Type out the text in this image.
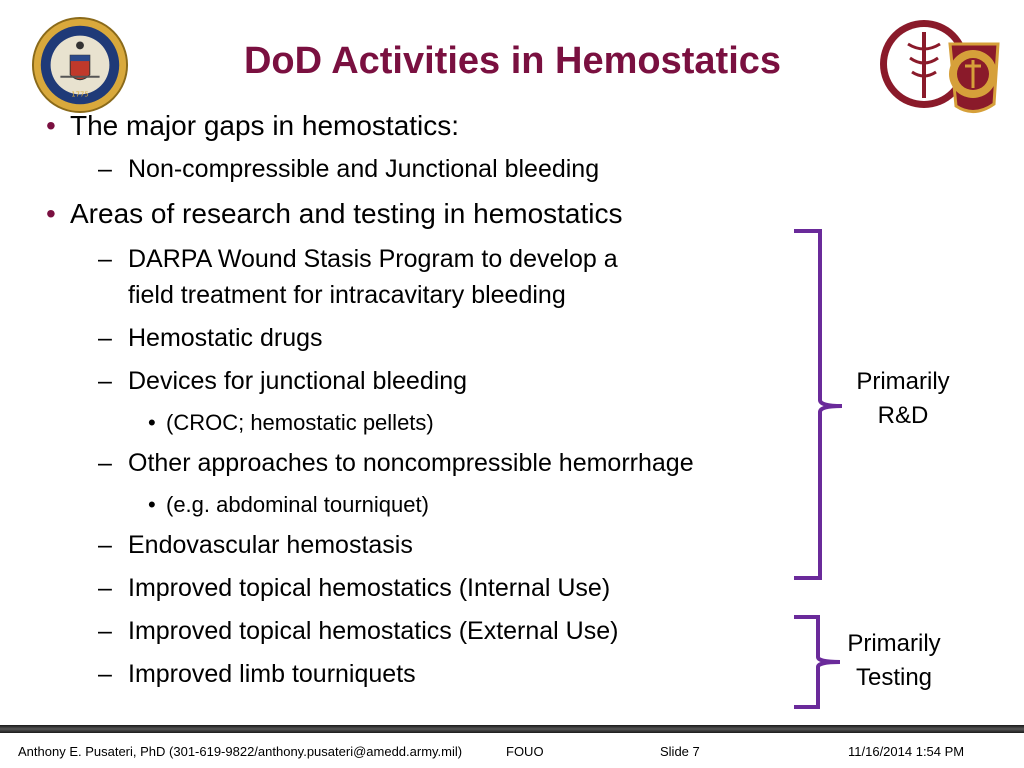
1775
DoD Activities in Hemostatics
• The major gaps in hemostatics:
– Non-compressible and Junctional bleeding
• Areas of research and testing in hemostatics
– DARPA Wound Stasis Program to develop a
field treatment for intracavitary bleeding
– Hemostatic drugs
– Devices for junctional bleeding
• (CROC; hemostatic pellets)
– Other approaches to noncompressible hemorrhage
• (e.g. abdominal tourniquet)
– Endovascular hemostasis
– Improved topical hemostatics (Internal Use)
– Improved topical hemostatics (External Use)
– Improved limb tourniquets
Primarily
R&D
Primarily
Testing
Anthony E. Pusateri, PhD (301-619-9822/anthony.pusateri@amedd.army.mil)	FOUO	Slide 7	11/16/2014 1:54 PM
